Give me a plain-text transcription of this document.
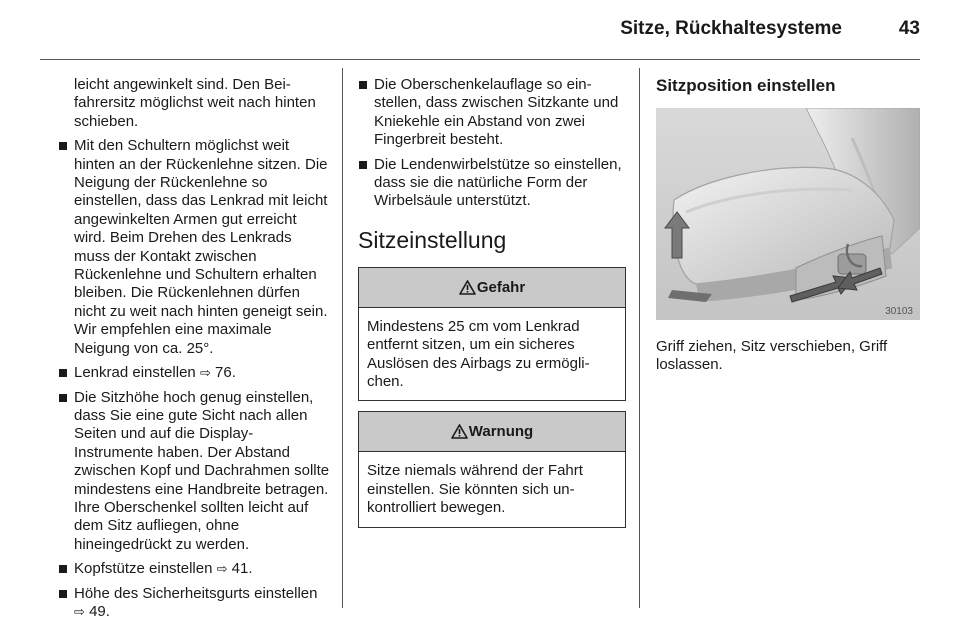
Sitze, Rückhaltesysteme	43

leicht angewinkelt sind. Den Beifahrersitz möglichst weit nach hinten schieben.

Mit den Schultern möglichst weit hinten an der Rückenlehne sitzen. Die Neigung der Rückenlehne so einstellen, dass das Lenkrad mit leicht angewinkelten Armen gut erreicht wird. Beim Drehen des Lenkrads muss der Kontakt zwischen Rückenlehne und Schultern erhalten bleiben. Die Rückenlehnen dürfen nicht zu weit nach hinten geneigt sein. Wir empfehlen eine maximale Neigung von ca. 25°.
Lenkrad einstellen ⇨ 76.
Die Sitzhöhe hoch genug einstellen, dass Sie eine gute Sicht nach allen Seiten und auf die Display-Instrumente haben. Der Abstand zwischen Kopf und Dachrahmen sollte mindestens eine Handbreite betragen. Ihre Oberschenkel sollten leicht auf dem Sitz aufliegen, ohne hineingedrückt zu werden.
Kopfstütze einstellen ⇨ 41.
Höhe des Sicherheitsgurts einstellen ⇨ 49.
Die Oberschenkelauflage so einstellen, dass zwischen Sitzkante und Kniekehle ein Abstand von zwei Fingerbreit besteht.
Die Lendenwirbelstütze so einstellen, dass sie die natürliche Form der Wirbelsäule unterstützt.
Sitzeinstellung
Gefahr
Mindestens 25 cm vom Lenkrad entfernt sitzen, um ein sicheres Auslösen des Airbags zu ermöglichen.
Warnung
Sitze niemals während der Fahrt einstellen. Sie könnten sich unkontrolliert bewegen.
Sitzposition einstellen
30103

Griff ziehen, Sitz verschieben, Griff loslassen.
